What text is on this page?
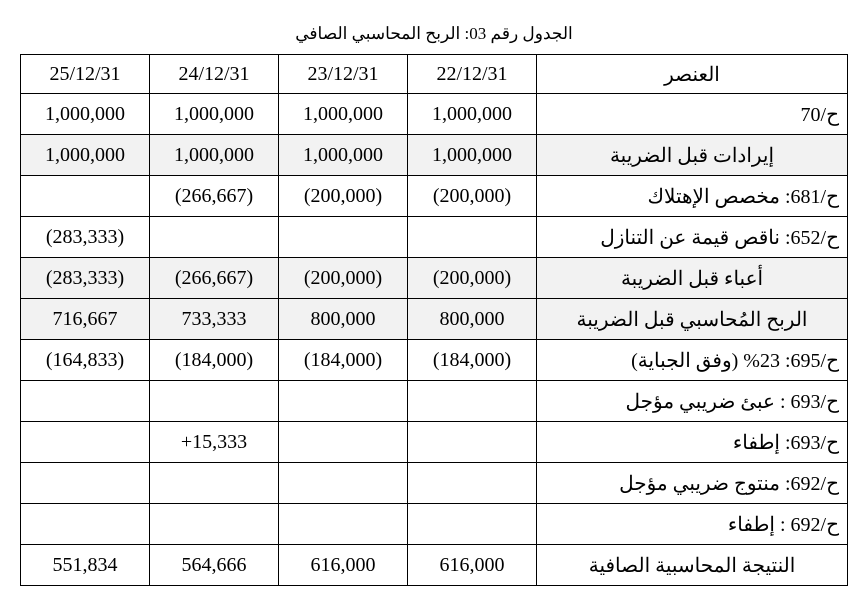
الجدول رقم 03: الربح المحاسبي الصافي
العنصر	22/12/31	23/12/31	24/12/31	25/12/31
ح/70	1,000,000	1,000,000	1,000,000	1,000,000
إيرادات قبل الضريبة	1,000,000	1,000,000	1,000,000	1,000,000
ح/681: مخصص الإهتلاك	(200,000)	(200,000)	(266,667)	
ح/652: ناقص قيمة عن التنازل				(283,333)
أعباء قبل الضريبة	(200,000)	(200,000)	(266,667)	(283,333)
الربح المُحاسبي قبل الضريبة	800,000	800,000	733,333	716,667
ح/695: 23% (وفق الجباية)	(184,000)	(184,000)	(184,000)	(164,833)
ح/693 : عبئ ضريبي مؤجل				
ح/693: إطفاء			+15,333	
ح/692: منتوج ضريبي مؤجل				
ح/692 : إطفاء				
النتيجة المحاسبية الصافية	616,000	616,000	564,666	551,834
